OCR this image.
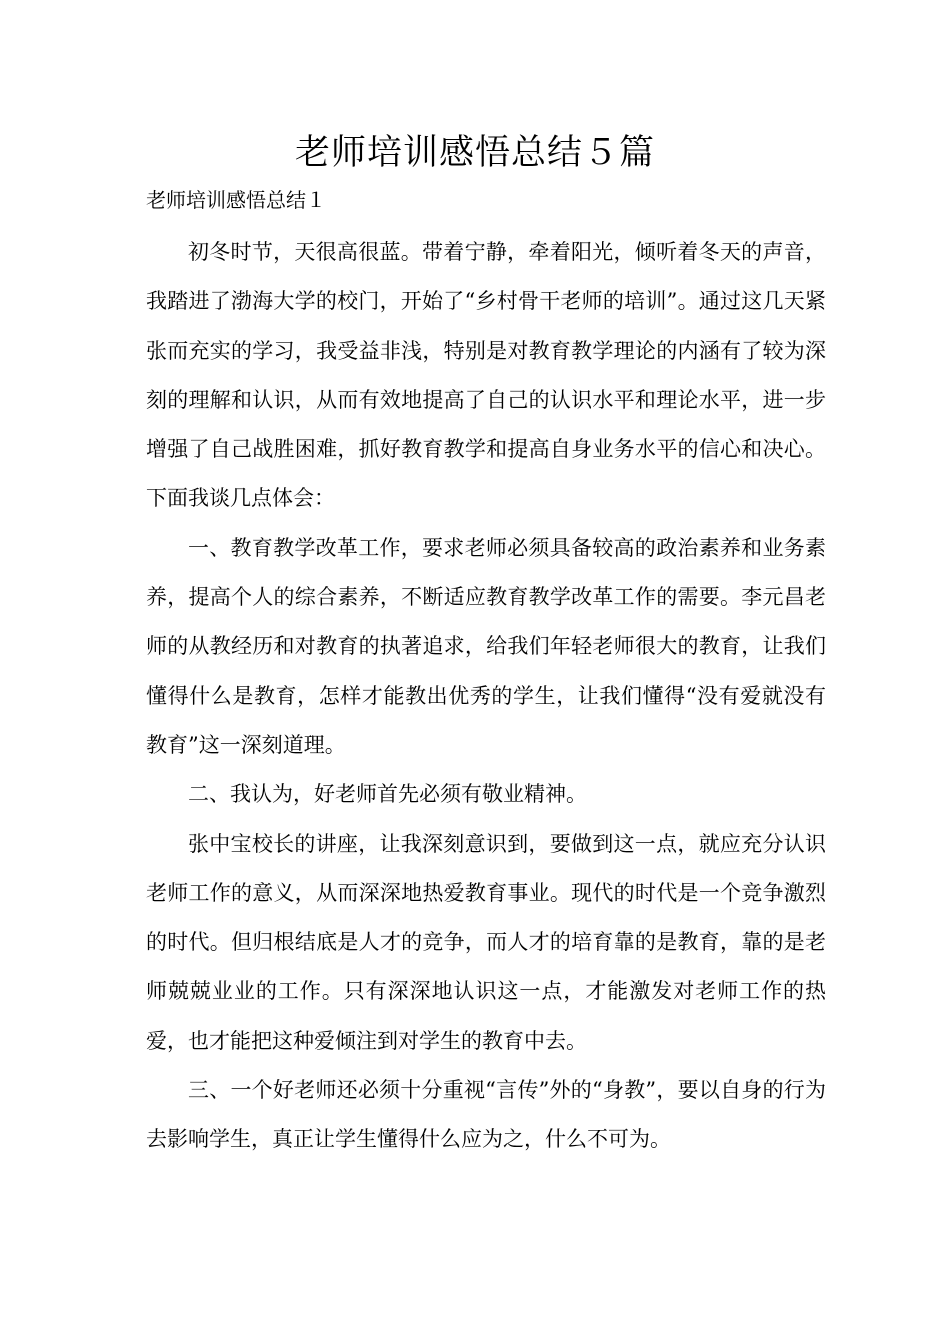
老师培训感悟总结５篇
老师培训感悟总结１

初冬时节，天很高很蓝。带着宁静，牵着阳光，倾听着冬天的声音，我踏进了渤海大学的校门，开始了“乡村骨干老师的培训”。通过这几天紧张而充实的学习，我受益非浅，特别是对教育教学理论的内涵有了较为深刻的理解和认识，从而有效地提高了自己的认识水平和理论水平，进一步增强了自己战胜困难，抓好教育教学和提高自身业务水平的信心和决心。下面我谈几点体会：

一、教育教学改革工作，要求老师必须具备较高的政治素养和业务素养，提高个人的综合素养，不断适应教育教学改革工作的需要。李元昌老师的从教经历和对教育的执著追求，给我们年轻老师很大的教育，让我们懂得什么是教育，怎样才能教出优秀的学生，让我们懂得“没有爱就没有教育”这一深刻道理。

二、我认为，好老师首先必须有敬业精神。

张中宝校长的讲座，让我深刻意识到，要做到这一点，就应充分认识老师工作的意义，从而深深地热爱教育事业。现代的时代是一个竞争激烈的时代。但归根结底是人才的竞争，而人才的培育靠的是教育，靠的是老师兢兢业业的工作。只有深深地认识这一点，才能激发对老师工作的热爱，也才能把这种爱倾注到对学生的教育中去。

三、一个好老师还必须十分重视“言传”外的“身教”，要以自身的行为去影响学生，真正让学生懂得什么应为之，什么不可为。
